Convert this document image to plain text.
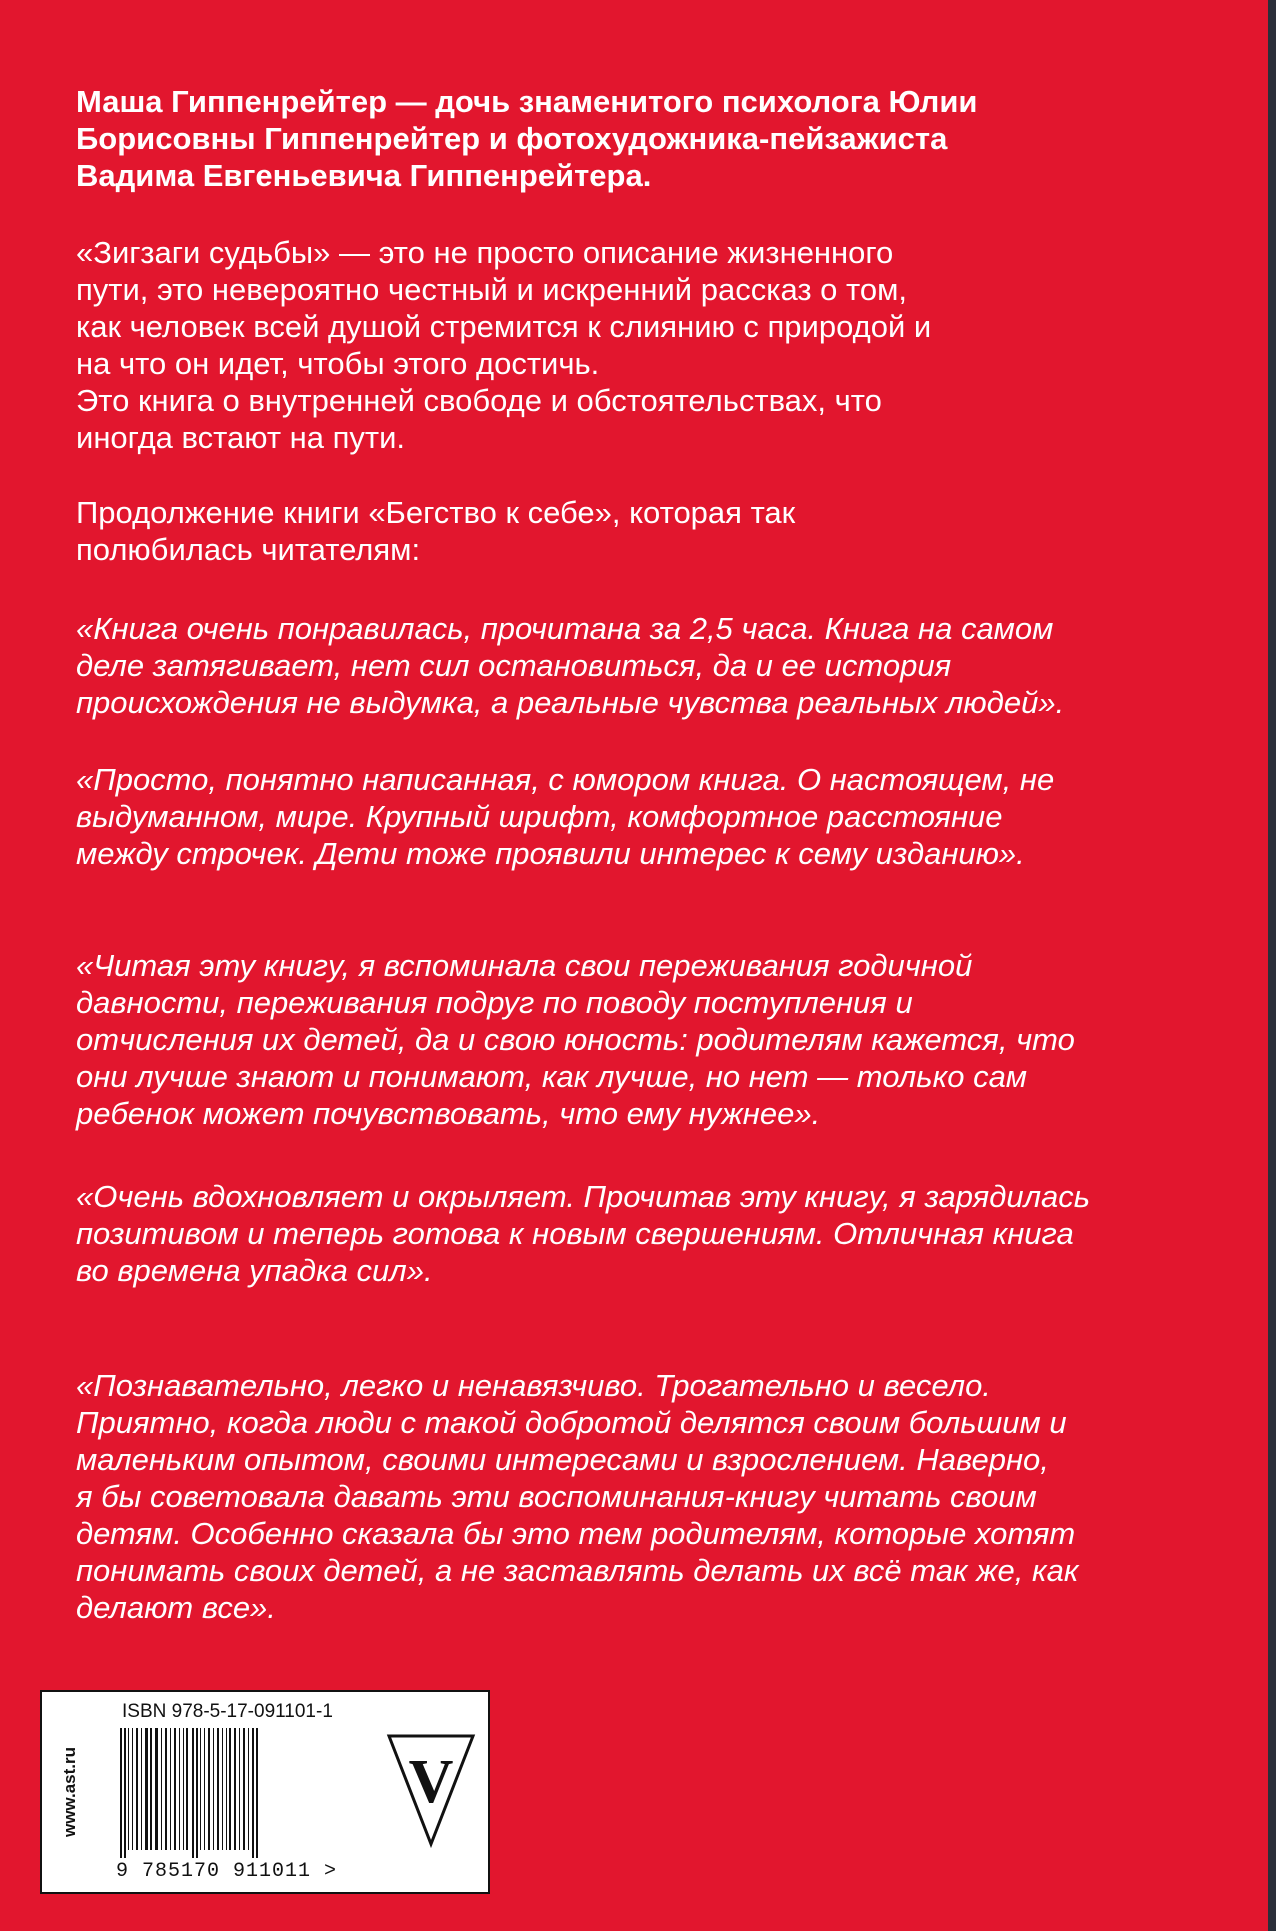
Маша Гиппенрейтер — дочь знаменитого психолога Юлии
Борисовны Гиппенрейтер и фотохудожника-пейзажиста
Вадима Евгеньевича Гиппенрейтера.

«Зигзаги судьбы» — это не просто описание жизненного
пути, это невероятно честный и искренний рассказ о том,
как человек всей душой стремится к слиянию с природой и
на что он идет, чтобы этого достичь.
Это книга о внутренней свободе и обстоятельствах, что
иногда встают на пути.

Продолжение книги «Бегство к себе», которая так
полюбилась читателям:

«Книга очень понравилась, прочитана за 2,5 часа. Книга на самом
деле затягивает, нет сил остановиться, да и ее история
происхождения не выдумка, а реальные чувства реальных людей».

«Просто, понятно написанная, с юмором книга. О настоящем, не
выдуманном, мире. Крупный шрифт, комфортное расстояние
между строчек. Дети тоже проявили интерес к сему изданию».

«Читая эту книгу, я вспоминала свои переживания годичной
давности, переживания подруг по поводу поступления и
отчисления их детей, да и свою юность: родителям кажется, что
они лучше знают и понимают, как лучше, но нет — только сам
ребенок может почувствовать, что ему нужнее».

«Очень вдохновляет и окрыляет. Прочитав эту книгу, я зарядилась
позитивом и теперь готова к новым свершениям. Отличная книга
во времена упадка сил».

«Познавательно, легко и ненавязчиво. Трогательно и весело.
Приятно, когда люди с такой добротой делятся своим большим и
маленьким опытом, своими интересами и взрослением. Наверно,
я бы советовала давать эти воспоминания-книгу читать своим
детям. Особенно сказала бы это тем родителям, которые хотят
понимать своих детей, а не заставлять делать их всё так же, как
делают все».

www.ast.ru
ISBN 978-5-17-091101-1
9 785170 911011 >
V
